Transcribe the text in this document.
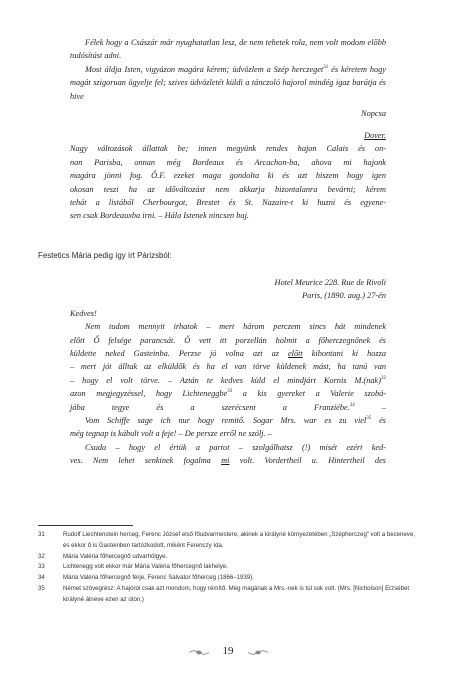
Félek hogy a Császár már nyughatatlan lesz, de nem tehetek rola, nem volt modom előbb tudósítást adni.

Most áldja Isten, vigyázon magára kérem; üdvözlem a Szép herczeget$^{31}$ és kéretem hogy magát szigoruan ügyelje fel; szives üdvözletét küldi a tánczoló hajorol mindég igaz barátja és hive

Nopcsa

Dover.

Nagy változások állattak be; innen megyünk rendes hajon Calais és on-
nan Parisba, onnan még Bordeaux és Arcachon-ba, ahova mi hajonk
magára jönni fog. Ő.F. ezeket maga gondolta ki és azt hiszem hogy igen
okosan teszi ha az időváltozást nem akkarja bizontalanra bevárni; kérem
tehát a listából Cherbourgot, Brestet és St. Nazaire-t ki huzni és egyene-
sen csak Bordeauxba irni. – Hála Istenek nincsen baj.
Festetics Mária pedig így írt Párizsból:

Hotel Meurice 228. Rue de Rivoli

Paris, (1890. aug.) 27-én

Kedves!

Nem tudom mennyit irhatok – mert három perczem sincs hát mindenek
előtt Ő felsége parancsát. Ő vett itt porzellán holmit a főherczegnőnek és
küldette neked Gasteinba. Perzse jó volna azt az előtt kibontani ki hozza
– mert jót álltak az elküldők és ha el van törve küldenek mást, ha tanú van
– hogy el volt törve. – Aztán te kedves küld el mindjárt Kornis M.(nak)$^{32}$
azon megjegyzéssel, hogy Lichteneggbe$^{33}$ a kis gyereket a Valerie szobá-
jába tegye és a szerécsent a Franziébe.$^{34}$ –
Vom Schiffe sage ich nur hogy remitő. Sogar Mrs. war es zu viel$^{35}$ és
még tegnap is kábult volt a feje! – De persze erről ne szólj. –
Csuda – hogy el értük a partot – szolgálhatsz (!) misét ezért ked-
ves. Nem lehet senkinek fogalma mi volt. Vordertheil u. Hintertheil des
31	Rudolf Liechtenstein herceg, Ferenc József első főudvarmestere, akinek a királyné környezetében „Szépherczeg” volt a beceneve, és ekkor ő is Gasteinben tartózkodott, miként Ferenczy Ida.
32	Mária Valéria főhercegnő udvarhölgye.
33	Lichtenegg volt ekkor már Mária Valéria főhercegnő lakhelye.
34	Mária Valéria főhercegnő férje, Ferenc Salvator főherceg (1866–1939).
35	Német szövegrész: A hajóról csak azt mondom, hogy rémítő. Még magának a Mrs.-nek is túl sok volt. (Mrs. [Nicholson] Erzsébet királyné álneve ezen az úton.)
19
